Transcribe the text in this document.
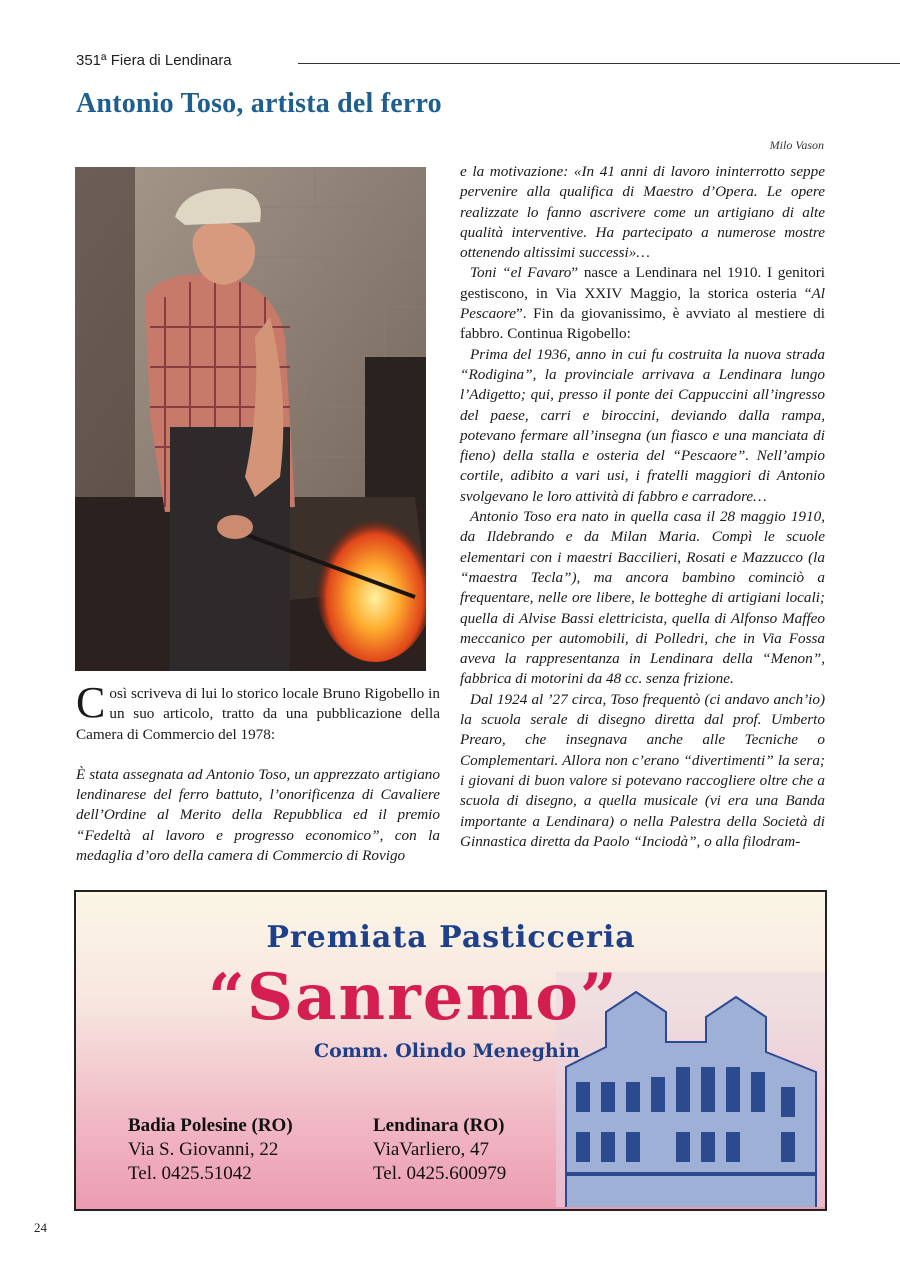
351ª Fiera di Lendinara
Antonio Toso, artista del ferro
Milo Vason

Così scriveva di lui lo storico locale Bruno Rigobello in un suo articolo, tratto da una pubblicazione della Camera di Commercio del 1978:

È stata assegnata ad Antonio Toso, un apprezzato artigiano lendinarese del ferro battuto, l’onorificenza di Cavaliere dell’Ordine al Merito della Repubblica ed il premio “Fedeltà al lavoro e progresso economico”, con la medaglia d’oro della camera di Commercio di Rovigo

e la motivazione: «In 41 anni di lavoro ininterrotto seppe pervenire alla qualifica di Maestro d’Opera. Le opere realizzate lo fanno ascrivere come un artigiano di alte qualità interventive. Ha partecipato a numerose mostre ottenendo altissimi successi»…

Toni “el Favaro” nasce a Lendinara nel 1910. I genitori gestiscono, in Via XXIV Maggio, la storica osteria “Al Pescaore”. Fin da giovanissimo, è avviato al mestiere di fabbro. Continua Rigobello:

Prima del 1936, anno in cui fu costruita la nuova strada “Rodigina”, la provinciale arrivava a Lendinara lungo l’Adigetto; qui, presso il ponte dei Cappuccini all’ingresso del paese, carri e biroccini, deviando dalla rampa, potevano fermare all’insegna (un fiasco e una manciata di fieno) della stalla e osteria del “Pescaore”. Nell’ampio cortile, adibito a vari usi, i fratelli maggiori di Antonio svolgevano le loro attività di fabbro e carradore…

Antonio Toso era nato in quella casa il 28 maggio 1910, da Ildebrando e da Milan Maria. Compì le scuole elementari con i maestri Baccilieri, Rosati e Mazzucco (la “maestra Tecla”), ma ancora bambino cominciò a frequentare, nelle ore libere, le botteghe di artigiani locali; quella di Alvise Bassi elettricista, quella di Alfonso Maffeo meccanico per automobili, di Polledri, che in Via Fossa aveva la rappresentanza in Lendinara della “Menon”, fabbrica di motorini da 48 cc. senza frizione.

Dal 1924 al ’27 circa, Toso frequentò (ci andavo anch’io) la scuola serale di disegno diretta dal prof. Umberto Prearo, che insegnava anche alle Tecniche o Complementari. Allora non c’erano “divertimenti” la sera; i giovani di buon valore si potevano raccogliere oltre che a scuola di disegno, a quella musicale (vi era una Banda importante a Lendinara) o nella Palestra della Società di Ginnastica diretta da Paolo “Inciodà”, o alla filodram-

Premiata Pasticceria
“Sanremo”
Comm. Olindo Meneghin
Badia Polesine (RO)
Via S. Giovanni, 22
Tel. 0425.51042
Lendinara (RO)
ViaVarliero, 47
Tel. 0425.600979
24
